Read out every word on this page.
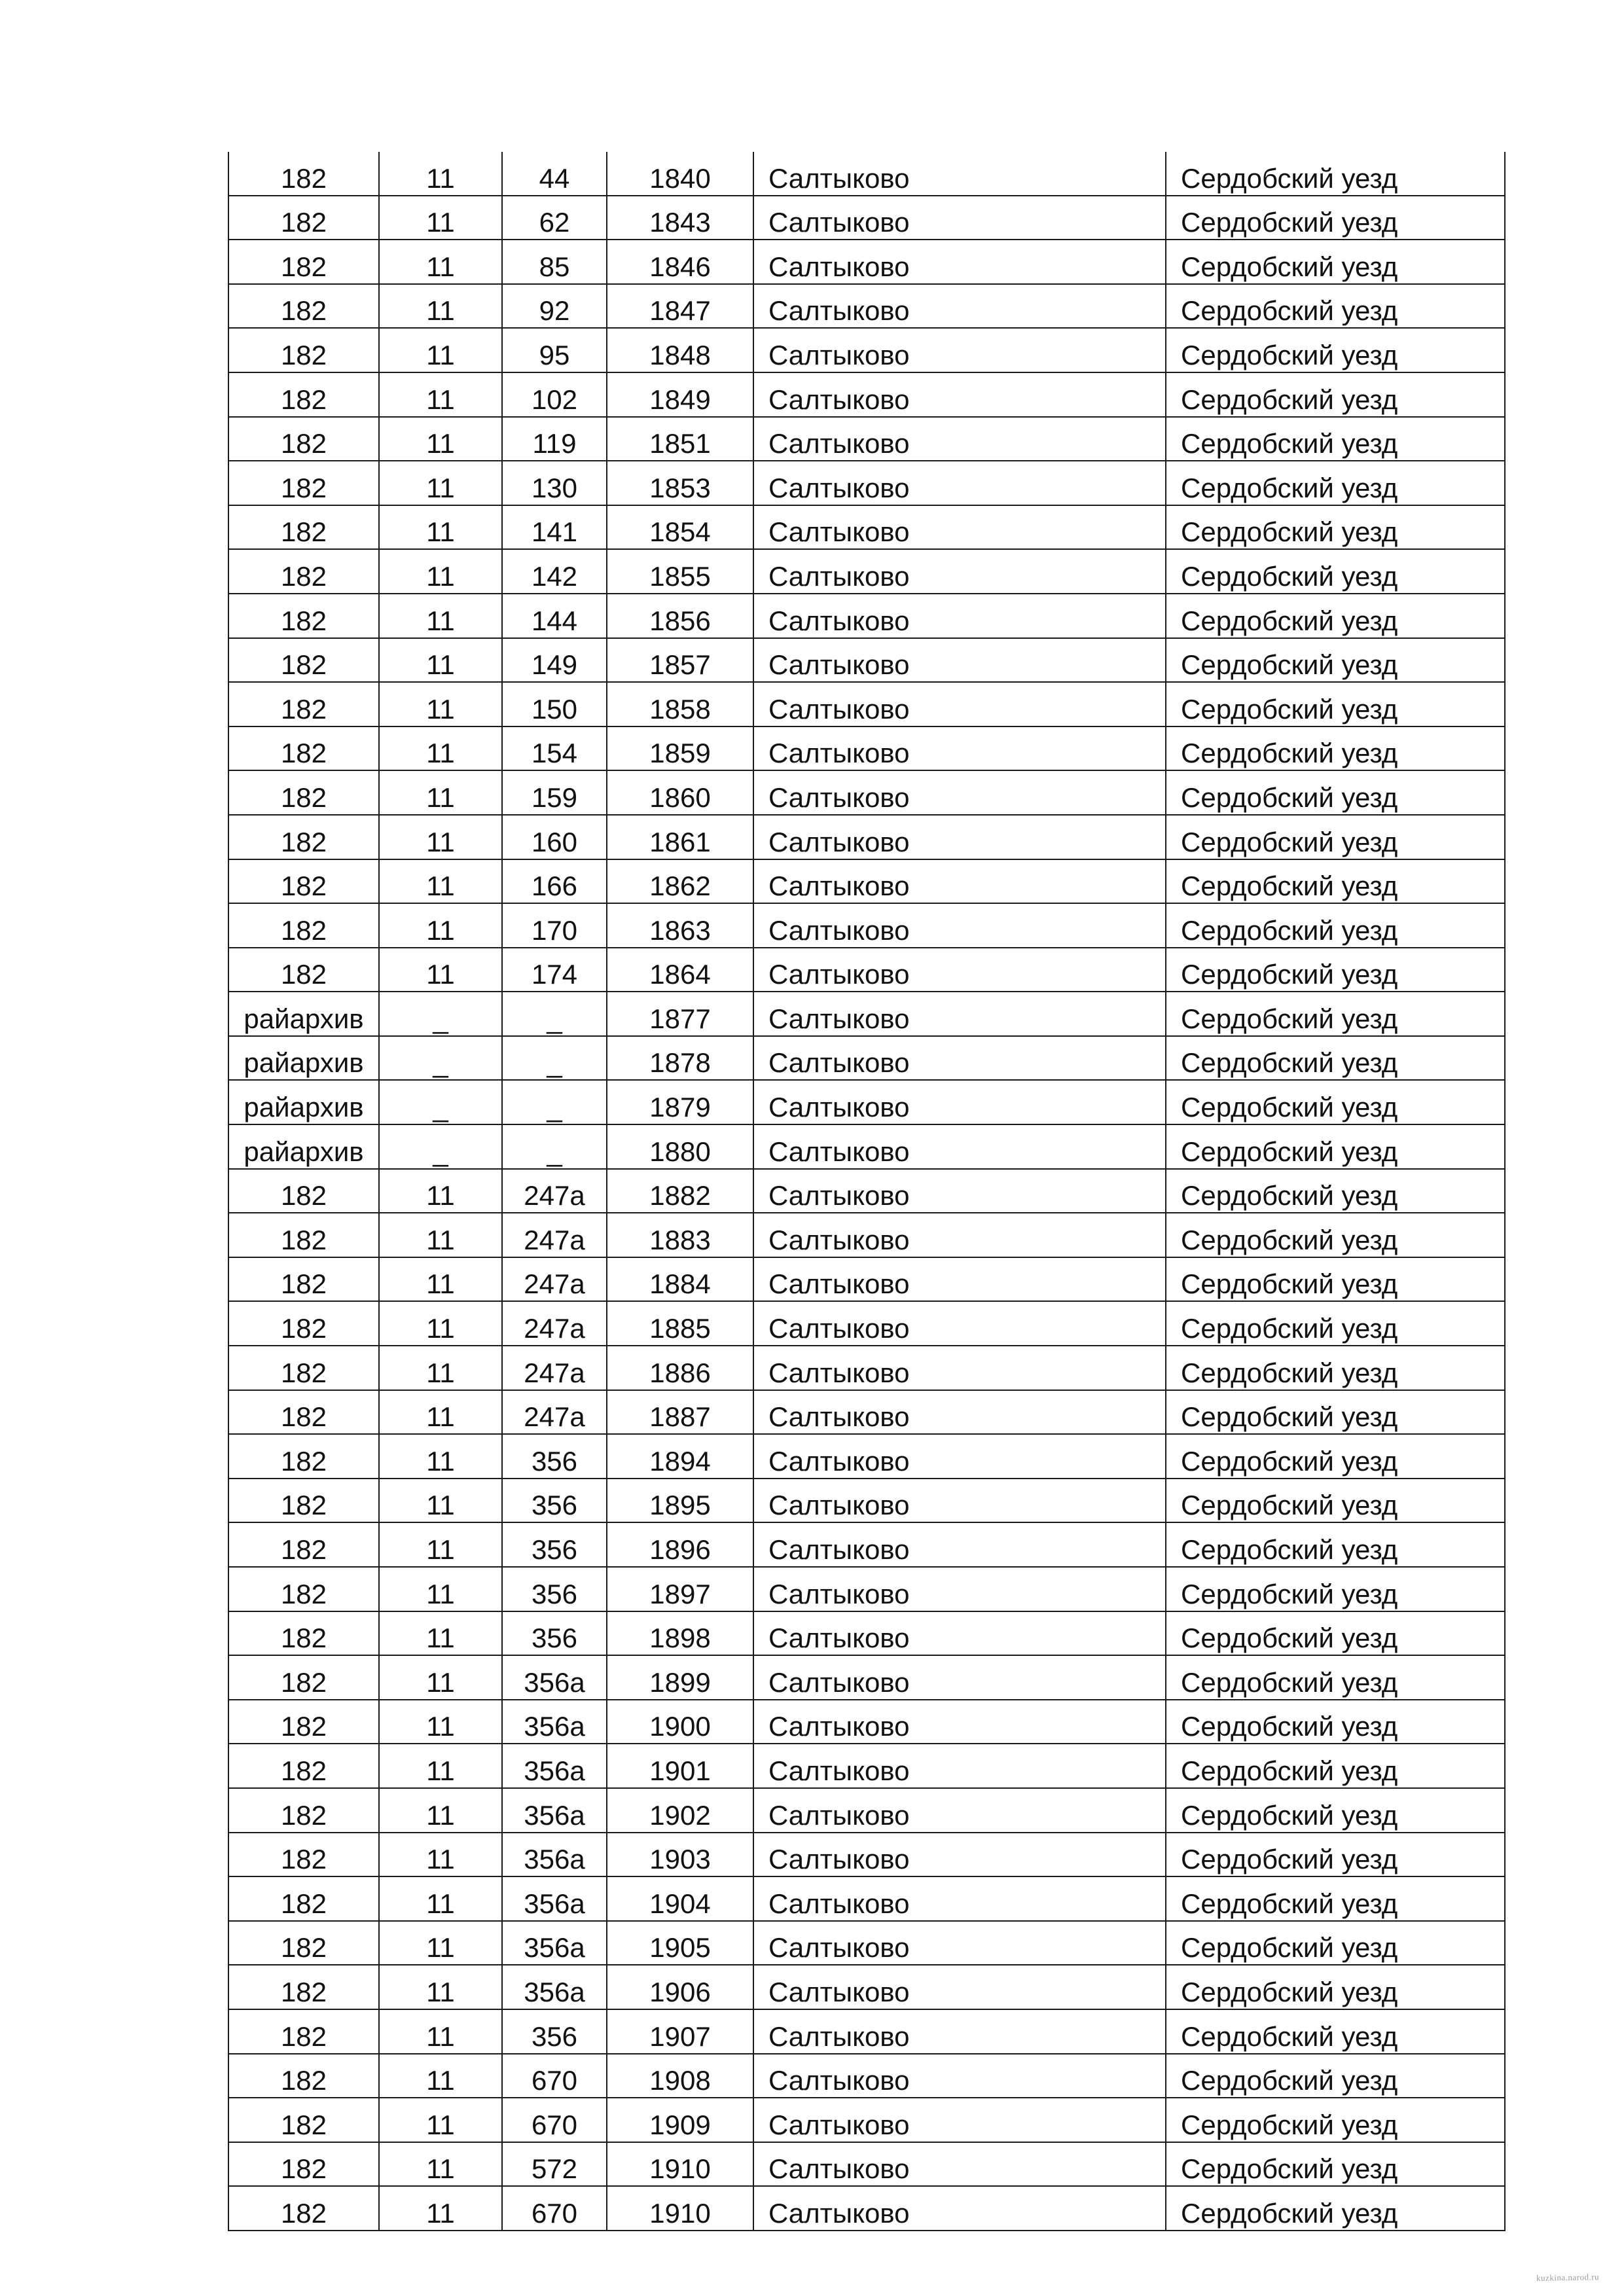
182	11	44	1840	Салтыково	Сердобский уезд
182	11	62	1843	Салтыково	Сердобский уезд
182	11	85	1846	Салтыково	Сердобский уезд
182	11	92	1847	Салтыково	Сердобский уезд
182	11	95	1848	Салтыково	Сердобский уезд
182	11	102	1849	Салтыково	Сердобский уезд
182	11	119	1851	Салтыково	Сердобский уезд
182	11	130	1853	Салтыково	Сердобский уезд
182	11	141	1854	Салтыково	Сердобский уезд
182	11	142	1855	Салтыково	Сердобский уезд
182	11	144	1856	Салтыково	Сердобский уезд
182	11	149	1857	Салтыково	Сердобский уезд
182	11	150	1858	Салтыково	Сердобский уезд
182	11	154	1859	Салтыково	Сердобский уезд
182	11	159	1860	Салтыково	Сердобский уезд
182	11	160	1861	Салтыково	Сердобский уезд
182	11	166	1862	Салтыково	Сердобский уезд
182	11	170	1863	Салтыково	Сердобский уезд
182	11	174	1864	Салтыково	Сердобский уезд
райархив	_	_	1877	Салтыково	Сердобский уезд
райархив	_	_	1878	Салтыково	Сердобский уезд
райархив	_	_	1879	Салтыково	Сердобский уезд
райархив	_	_	1880	Салтыково	Сердобский уезд
182	11	247а	1882	Салтыково	Сердобский уезд
182	11	247а	1883	Салтыково	Сердобский уезд
182	11	247а	1884	Салтыково	Сердобский уезд
182	11	247а	1885	Салтыково	Сердобский уезд
182	11	247а	1886	Салтыково	Сердобский уезд
182	11	247а	1887	Салтыково	Сердобский уезд
182	11	356	1894	Салтыково	Сердобский уезд
182	11	356	1895	Салтыково	Сердобский уезд
182	11	356	1896	Салтыково	Сердобский уезд
182	11	356	1897	Салтыково	Сердобский уезд
182	11	356	1898	Салтыково	Сердобский уезд
182	11	356а	1899	Салтыково	Сердобский уезд
182	11	356а	1900	Салтыково	Сердобский уезд
182	11	356а	1901	Салтыково	Сердобский уезд
182	11	356а	1902	Салтыково	Сердобский уезд
182	11	356а	1903	Салтыково	Сердобский уезд
182	11	356а	1904	Салтыково	Сердобский уезд
182	11	356а	1905	Салтыково	Сердобский уезд
182	11	356а	1906	Салтыково	Сердобский уезд
182	11	356	1907	Салтыково	Сердобский уезд
182	11	670	1908	Салтыково	Сердобский уезд
182	11	670	1909	Салтыково	Сердобский уезд
182	11	572	1910	Салтыково	Сердобский уезд
182	11	670	1910	Салтыково	Сердобский уезд
kuzkina.narod.ru
